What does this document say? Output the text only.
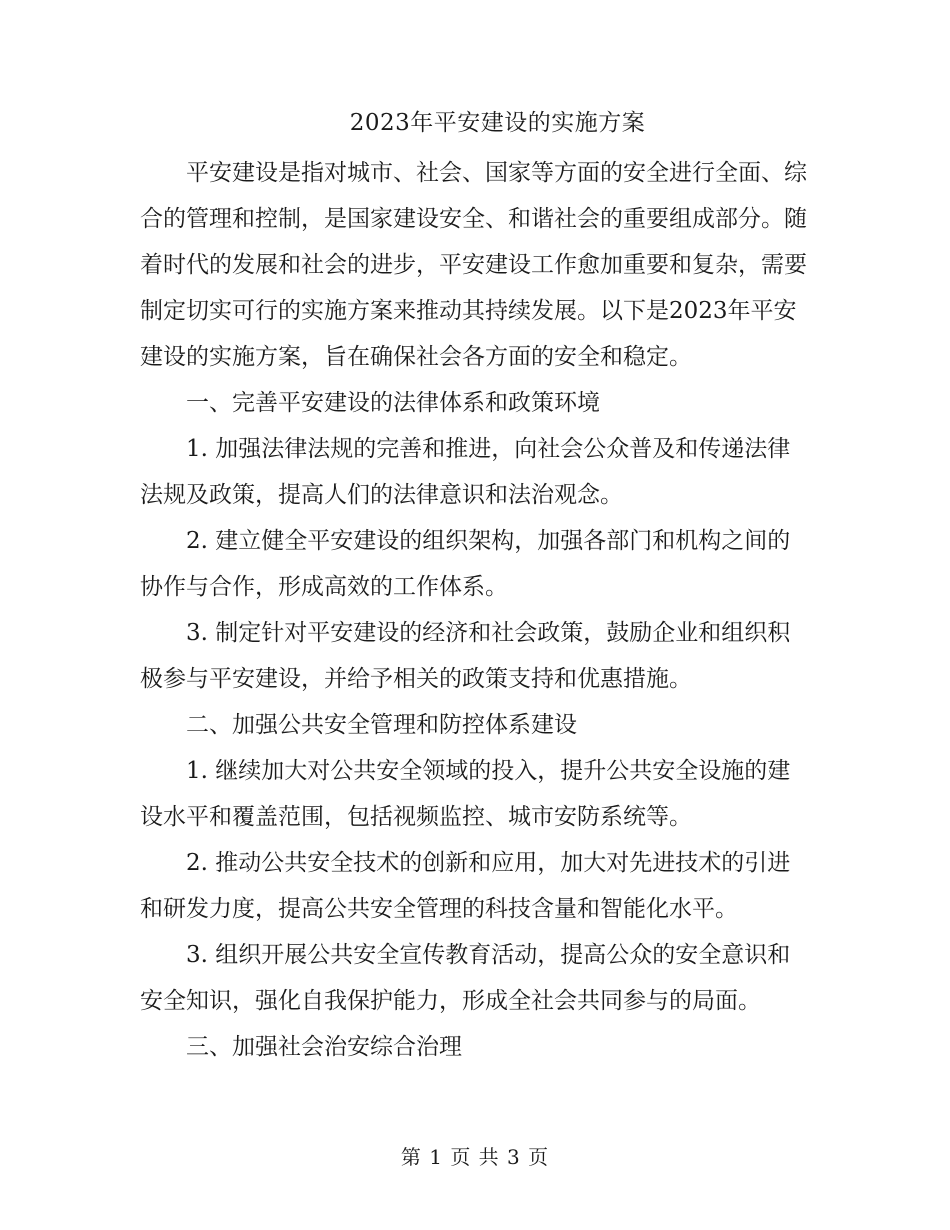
2023年平安建设的实施方案

平安建设是指对城市、社会、国家等方面的安全进行全面、综合的管理和控制，是国家建设安全、和谐社会的重要组成部分。随着时代的发展和社会的进步，平安建设工作愈加重要和复杂，需要制定切实可行的实施方案来推动其持续发展。以下是2023年平安建设的实施方案，旨在确保社会各方面的安全和稳定。

一、完善平安建设的法律体系和政策环境

1. 加强法律法规的完善和推进，向社会公众普及和传递法律法规及政策，提高人们的法律意识和法治观念。

2. 建立健全平安建设的组织架构，加强各部门和机构之间的协作与合作，形成高效的工作体系。

3. 制定针对平安建设的经济和社会政策，鼓励企业和组织积极参与平安建设，并给予相关的政策支持和优惠措施。

二、加强公共安全管理和防控体系建设

1. 继续加大对公共安全领域的投入，提升公共安全设施的建设水平和覆盖范围，包括视频监控、城市安防系统等。

2. 推动公共安全技术的创新和应用，加大对先进技术的引进和研发力度，提高公共安全管理的科技含量和智能化水平。

3. 组织开展公共安全宣传教育活动，提高公众的安全意识和安全知识，强化自我保护能力，形成全社会共同参与的局面。

三、加强社会治安综合治理

第 1 页 共 3 页
